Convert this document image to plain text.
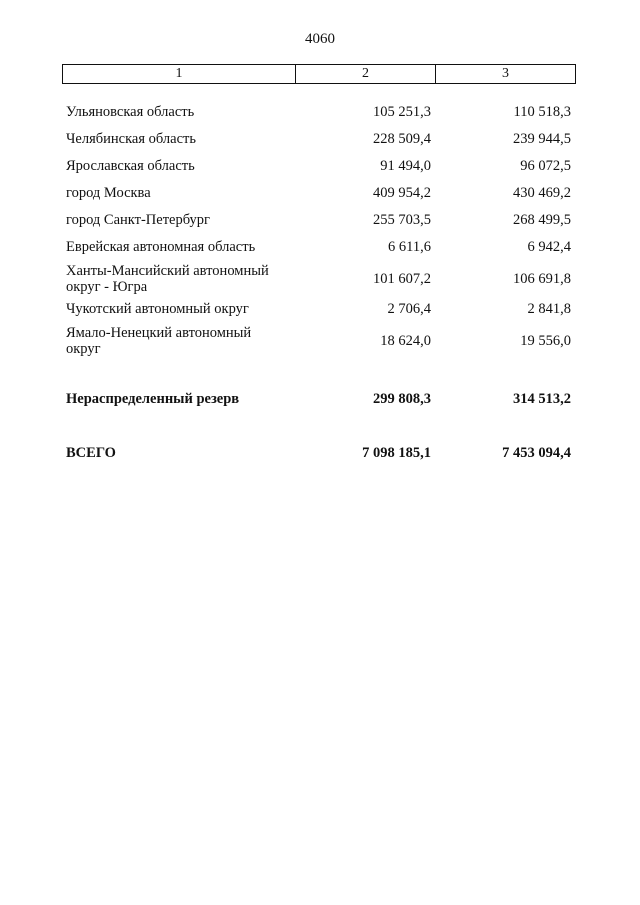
4060
1	2	3
Ульяновская область	105 251,3	110 518,3
Челябинская область	228 509,4	239 944,5
Ярославская область	91 494,0	96 072,5
город Москва	409 954,2	430 469,2
город Санкт-Петербург	255 703,5	268 499,5
Еврейская автономная область	6 611,6	6 942,4
Ханты-Мансийский автономный округ - Югра	101 607,2	106 691,8
Чукотский автономный округ	2 706,4	2 841,8
Ямало-Ненецкий автономный округ	18 624,0	19 556,0
Нераспределенный резерв	299 808,3	314 513,2
ВСЕГО	7 098 185,1	7 453 094,4
